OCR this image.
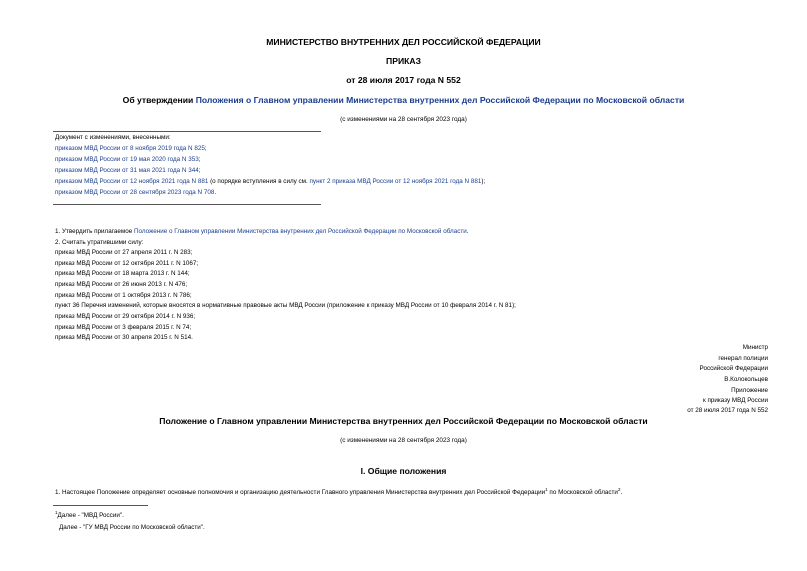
МИНИСТЕРСТВО ВНУТРЕННИХ ДЕЛ РОССИЙСКОЙ ФЕДЕРАЦИИ
ПРИКАЗ
от 28 июля 2017 года N 552
Об утверждении Положения о Главном управлении Министерства внутренних дел Российской Федерации по Московской области
(с изменениями на 28 сентября 2023 года)
Документ с изменениями, внесенными:
приказом МВД России от 8 ноября 2019 года N 825;
приказом МВД России от 19 мая 2020 года N 353;
приказом МВД России от 31 мая 2021 года N 344;
приказом МВД России от 12 ноября 2021 года N 881 (о порядке вступления в силу см. пункт 2 приказа МВД России от 12 ноября 2021 года N 881);
приказом МВД России от 28 сентября 2023 года N 708.
1. Утвердить прилагаемое Положение о Главном управлении Министерства внутренних дел Российской Федерации по Московской области.
2. Считать утратившими силу:
приказ МВД России от 27 апреля 2011 г. N 283;
приказ МВД России от 12 октября 2011 г. N 1067;
приказ МВД России от 18 марта 2013 г. N 144;
приказ МВД России от 26 июня 2013 г. N 476;
приказ МВД России от 1 октября 2013 г. N 786;
пункт 36 Перечня изменений, которые вносятся в нормативные правовые акты МВД России (приложение к приказу МВД России от 10 февраля 2014 г. N 81);
приказ МВД России от 29 октября 2014 г. N 936;
приказ МВД России от 3 февраля 2015 г. N 74;
приказ МВД России от 30 апреля 2015 г. N 514.
Министр
генерал полиции
Российской Федерации
В.Колокольцев
Приложение
к приказу МВД России
от 28 июля 2017 года N 552
Положение о Главном управлении Министерства внутренних дел Российской Федерации по Московской области
(с изменениями на 28 сентября 2023 года)
I. Общие положения
1. Настоящее Положение определяет основные полномочия и организацию деятельности Главного управления Министерства внутренних дел Российской Федерации$^1$ по Московской области$^2$.
$^1$Далее - "МВД России".
Далее - "ГУ МВД России по Московской области".
